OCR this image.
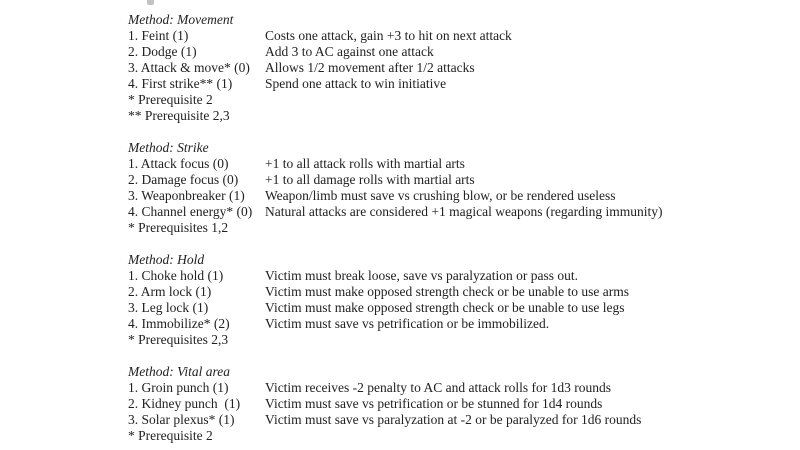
Method: Movement
1. Feint (1)	Costs one attack, gain +3 to hit on next attack
2. Dodge (1)	Add 3 to AC against one attack
3. Attack & move* (0)	Allows 1/2 movement after 1/2 attacks
4. First strike** (1)	Spend one attack to win initiative
* Prerequisite 2
** Prerequisite 2,3
Method: Strike
1. Attack focus (0)	+1 to all attack rolls with martial arts
2. Damage focus (0)	+1 to all damage rolls with martial arts
3. Weaponbreaker (1)	Weapon/limb must save vs crushing blow, or be rendered useless
4. Channel energy* (0) Natural attacks are considered +1 magical weapons (regarding immunity)
* Prerequisites 1,2
Method: Hold
1. Choke hold (1)	Victim must break loose, save vs paralyzation or pass out.
2. Arm lock (1)	Victim must make opposed strength check or be unable to use arms
3. Leg lock (1)	Victim must make opposed strength check or be unable to use legs
4. Immobilize* (2)	Victim must save vs petrification or be immobilized.
* Prerequisites 2,3
Method: Vital area
1. Groin punch (1)	Victim receives -2 penalty to AC and attack rolls for 1d3 rounds
2. Kidney punch  (1)	Victim must save vs petrification or be stunned for 1d4 rounds
3. Solar plexus* (1)	Victim must save vs paralyzation at -2 or be paralyzed for 1d6 rounds
* Prerequisite 2
